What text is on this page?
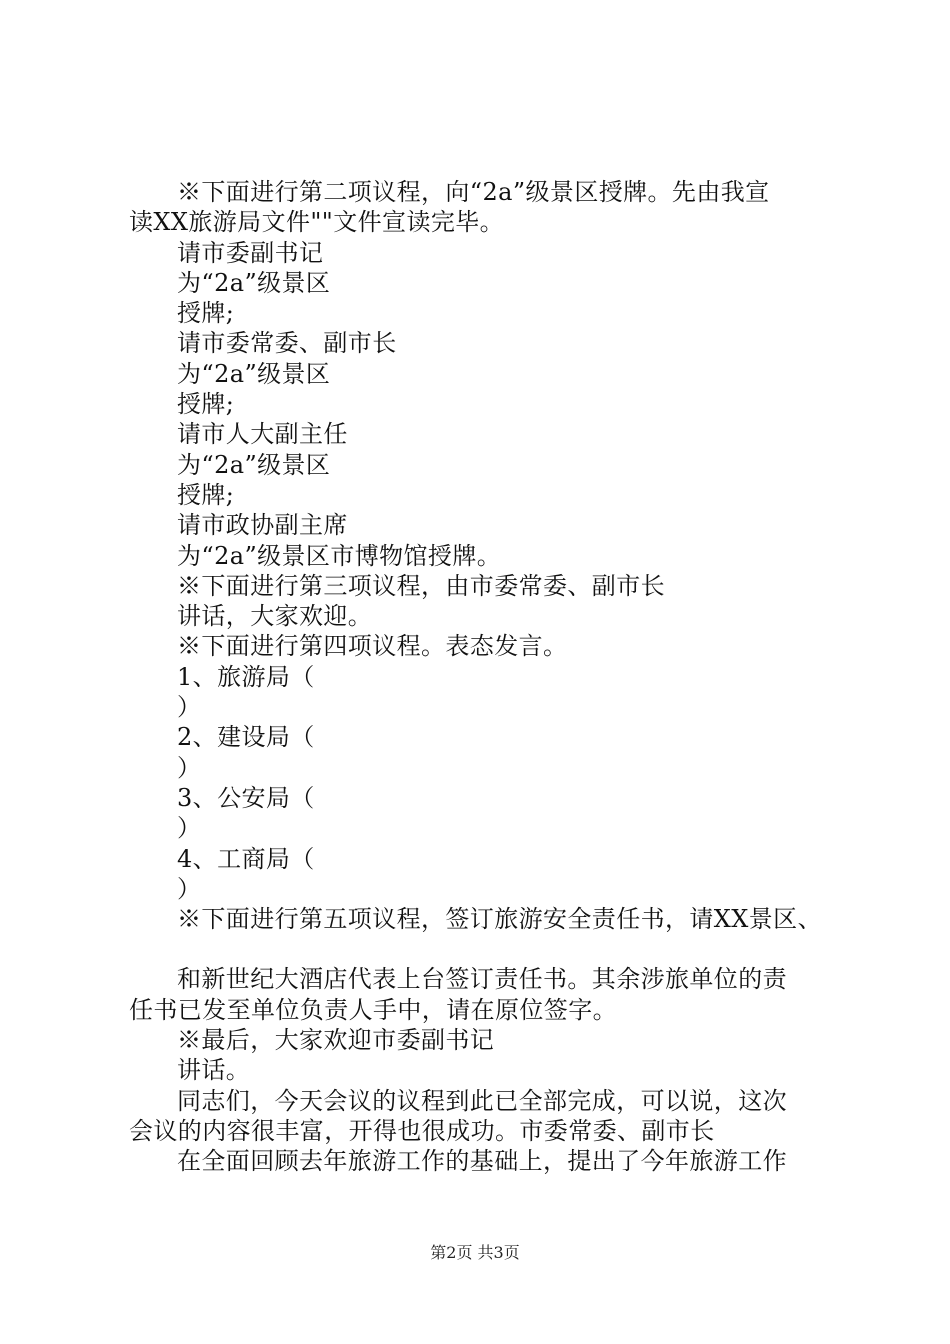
※下面进行第二项议程，向“2a”级景区授牌。先由我宣
读XX旅游局文件""文件宣读完毕。
请市委副书记
为“2a”级景区
授牌;
请市委常委、副市长
为“2a”级景区
授牌;
请市人大副主任
为“2a”级景区
授牌;
请市政协副主席
为“2a”级景区市博物馆授牌。
※下面进行第三项议程，由市委常委、副市长
讲话，大家欢迎。
※下面进行第四项议程。表态发言。
1、旅游局（
）
2、建设局（
）
3、公安局（
）
4、工商局（
）
※下面进行第五项议程，签订旅游安全责任书，请XX景区、
和新世纪大酒店代表上台签订责任书。其余涉旅单位的责
任书已发至单位负责人手中，请在原位签字。
※最后，大家欢迎市委副书记
讲话。
同志们，今天会议的议程到此已全部完成，可以说，这次
会议的内容很丰富，开得也很成功。市委常委、副市长
在全面回顾去年旅游工作的基础上，提出了今年旅游工作
第2页 共3页
